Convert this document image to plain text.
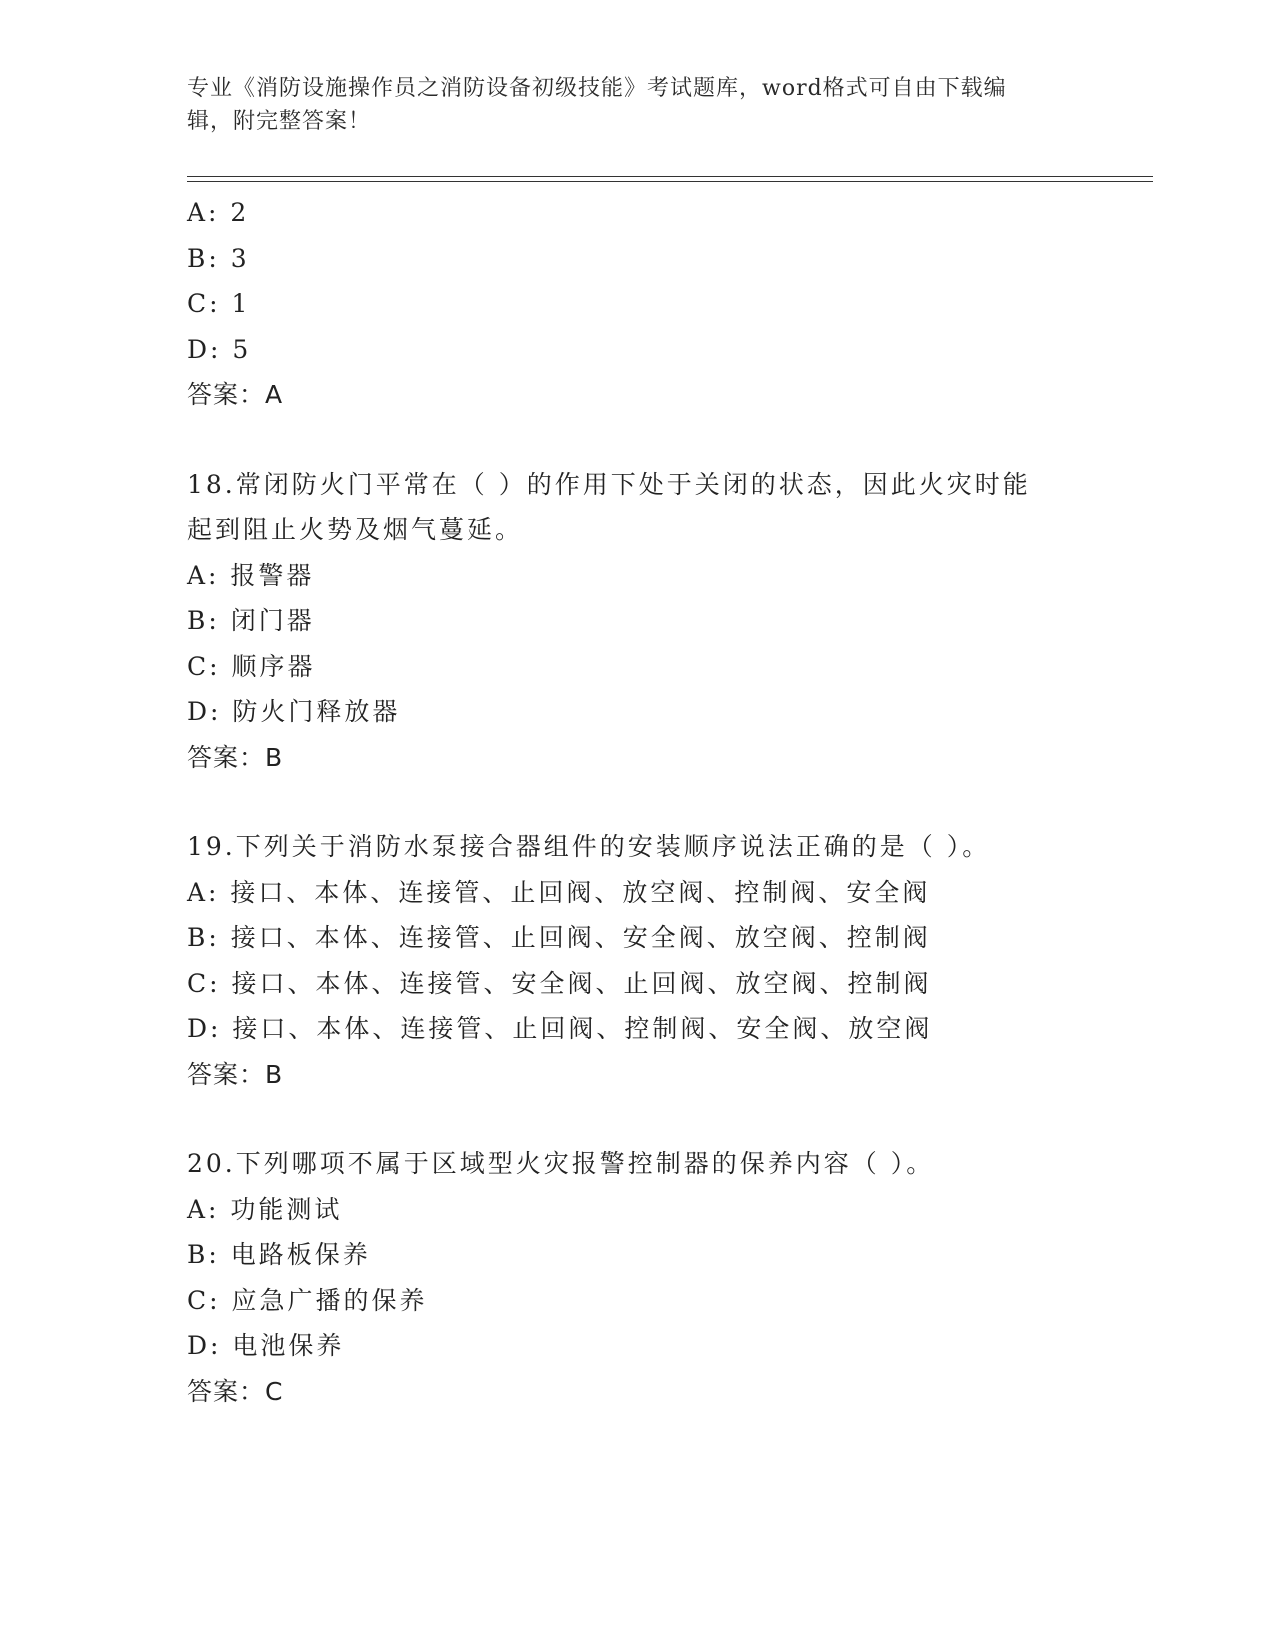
专业《消防设施操作员之消防设备初级技能》考试题库，word格式可自由下载编
辑，附完整答案！
A: 2
B: 3
C: 1
D: 5
答案：A
18.常闭防火门平常在（ ）的作用下处于关闭的状态，因此火灾时能
起到阻止火势及烟气蔓延。
A: 报警器
B: 闭门器
C: 顺序器
D: 防火门释放器
答案：B
19.下列关于消防水泵接合器组件的安装顺序说法正确的是（ ）。
A: 接口、本体、连接管、止回阀、放空阀、控制阀、安全阀
B: 接口、本体、连接管、止回阀、安全阀、放空阀、控制阀
C: 接口、本体、连接管、安全阀、止回阀、放空阀、控制阀
D: 接口、本体、连接管、止回阀、控制阀、安全阀、放空阀
答案：B
20.下列哪项不属于区域型火灾报警控制器的保养内容（ ）。
A: 功能测试
B: 电路板保养
C: 应急广播的保养
D: 电池保养
答案：C
